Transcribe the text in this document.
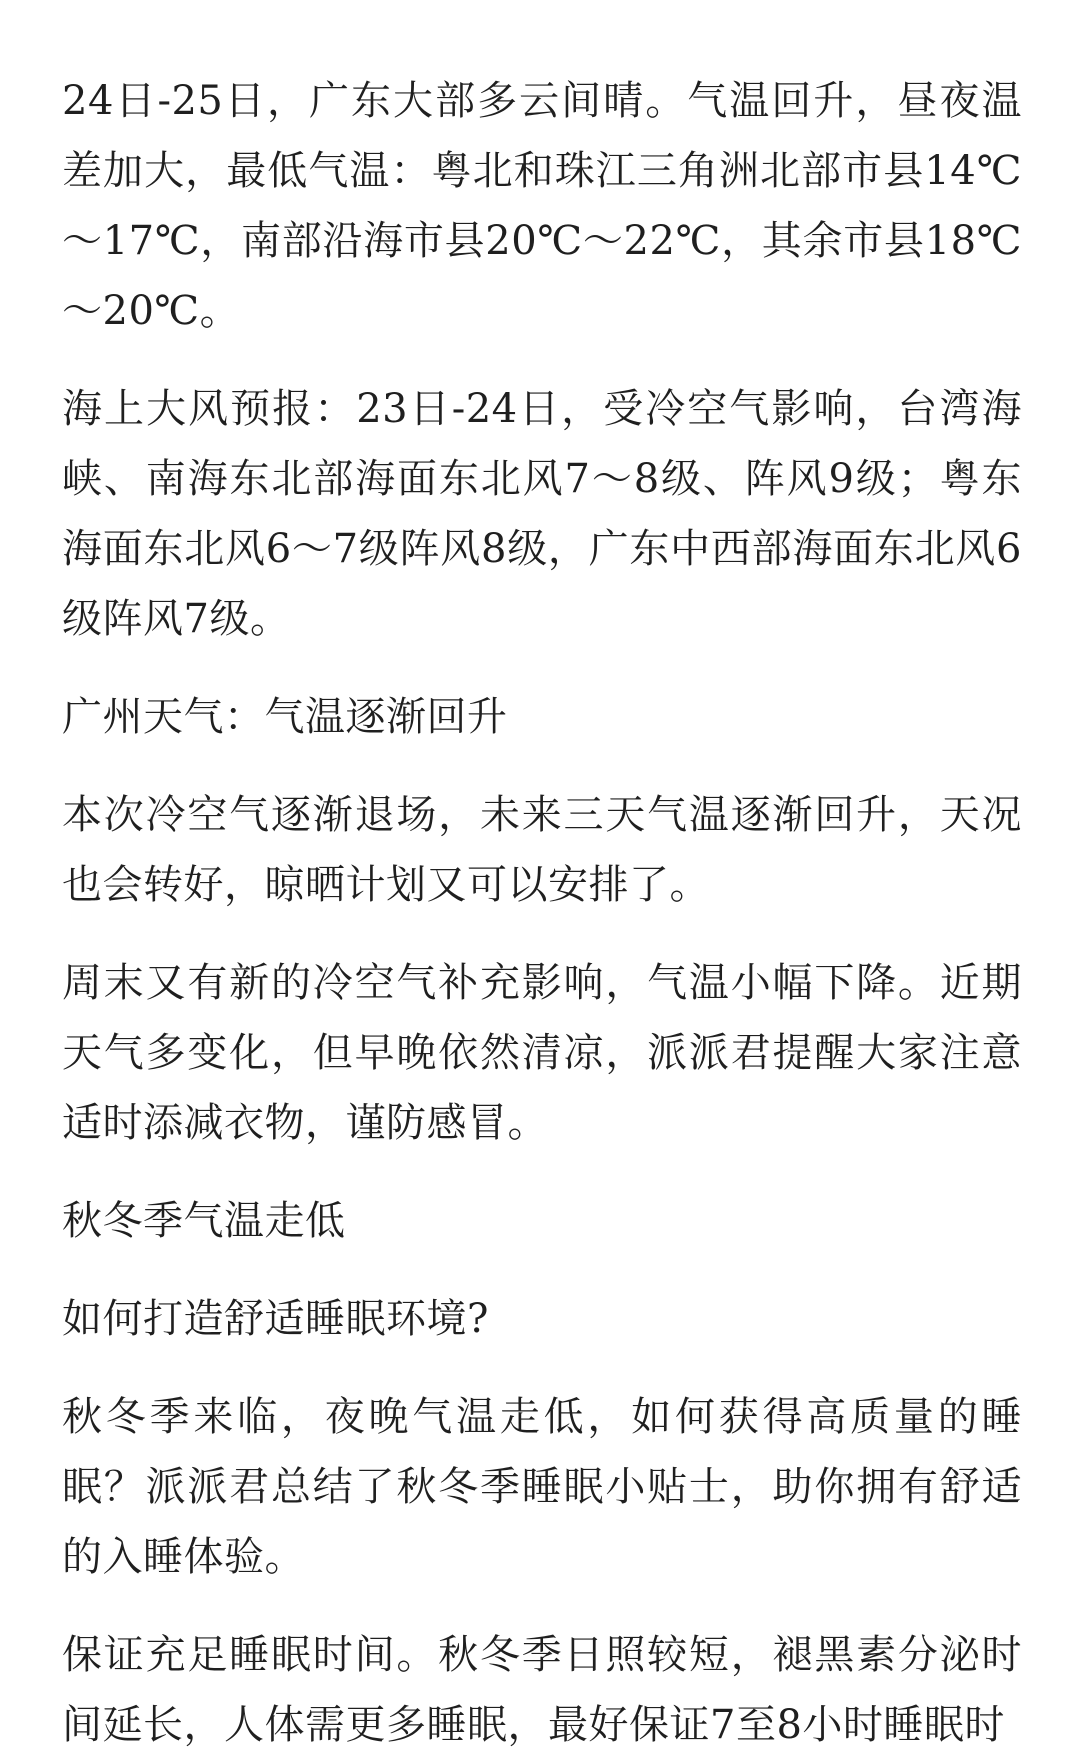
24日-25日，广东大部多云间晴。气温回升，昼夜温差加大，最低气温：粤北和珠江三角洲北部市县14℃～17℃，南部沿海市县20℃～22℃，其余市县18℃～20℃。

海上大风预报：23日-24日，受冷空气影响，台湾海峡、南海东北部海面东北风7～8级、阵风9级；粤东海面东北风6～7级阵风8级，广东中西部海面东北风6级阵风7级。

广州天气：气温逐渐回升

本次冷空气逐渐退场，未来三天气温逐渐回升，天况也会转好，晾晒计划又可以安排了。

周末又有新的冷空气补充影响，气温小幅下降。近期天气多变化，但早晚依然清凉，派派君提醒大家注意适时添减衣物，谨防感冒。

秋冬季气温走低

如何打造舒适睡眠环境?

秋冬季来临，夜晚气温走低，如何获得高质量的睡眠？派派君总结了秋冬季睡眠小贴士，助你拥有舒适的入睡体验。

保证充足睡眠时间。秋冬季日照较短，褪黑素分泌时间延长，人体需更多睡眠，最好保证7至8小时睡眠时
